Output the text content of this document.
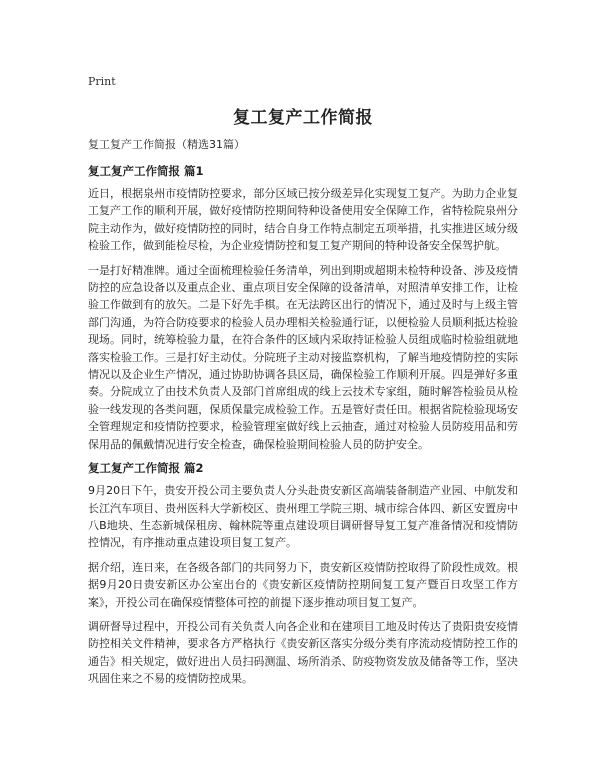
Print
复工复产工作简报

复工复产工作简报（精选31篇）

复工复产工作简报 篇1

近日，根据泉州市疫情防控要求，部分区域已按分级差异化实现复工复产。为助力企业复工复产工作的顺利开展，做好疫情防控期间特种设备使用安全保障工作，省特检院泉州分院主动作为，做好疫情防控的同时，结合自身工作特点制定五项举措，扎实推进区域分级检验工作，做到能检尽检，为企业疫情防控和复工复产期间的特种设备安全保驾护航。

一是打好精准牌。通过全面梳理检验任务清单，列出到期或超期未检特种设备、涉及疫情防控的应急设备以及重点企业、重点项目安全保障的设备清单，对照清单安排工作，让检验工作做到有的放矢。二是下好先手棋。在无法跨区出行的情况下，通过及时与上级主管部门沟通，为符合防疫要求的检验人员办理相关检验通行证，以便检验人员顺利抵达检验现场。同时，统筹检验力量，在符合条件的区域内采取持证检验人员组成临时检验组就地落实检验工作。三是打好主动仗。分院班子主动对接监察机构，了解当地疫情防控的实际情况以及企业生产情况，通过协助协调各县区局，确保检验工作顺利开展。四是弹好多重奏。分院成立了由技术负责人及部门首席组成的线上云技术专家组，随时解答检验员从检验一线发现的各类问题，保质保量完成检验工作。五是管好责任田。根据省院检验现场安全管理规定和疫情防控要求，检验管理室做好线上云抽查，通过对检验人员防疫用品和劳保用品的佩戴情况进行安全检查，确保检验期间检验人员的防护安全。

复工复产工作简报 篇2

9月20日下午，贵安开投公司主要负责人分头赴贵安新区高端装备制造产业园、中航发和长江汽车项目、贵州医科大学新校区、贵州理工学院三期、城市综合体四、新区安置房中八B地块、生态新城保租房、翰林院等重点建设项目调研督导复工复产准备情况和疫情防控情况，有序推动重点建设项目复工复产。

据介绍，连日来，在各级各部门的共同努力下，贵安新区疫情防控取得了阶段性成效。根据9月20日贵安新区办公室出台的《贵安新区疫情防控期间复工复产暨百日攻坚工作方案》，开投公司在确保疫情整体可控的前提下逐步推动项目复工复产。

调研督导过程中，开投公司有关负责人向各企业和在建项目工地及时传达了贵阳贵安疫情防控相关文件精神，要求各方严格执行《贵安新区落实分级分类有序流动疫情防控工作的通告》相关规定，做好进出人员扫码测温、场所消杀、防疫物资发放及储备等工作，坚决巩固住来之不易的疫情防控成果。
